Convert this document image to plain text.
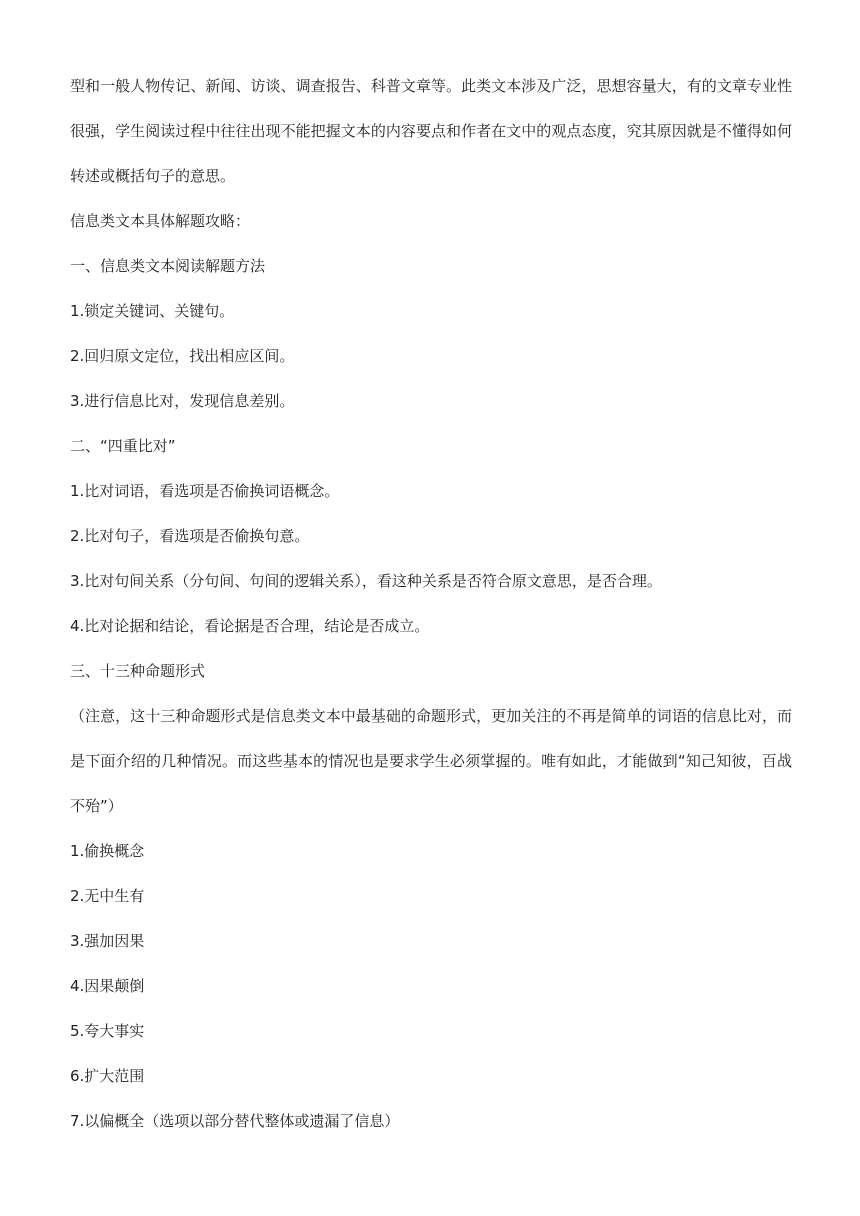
型和一般人物传记、新闻、访谈、调查报告、科普文章等。此类文本涉及广泛，思想容量大，有的文章专业性
很强，学生阅读过程中往往出现不能把握文本的内容要点和作者在文中的观点态度，究其原因就是不懂得如何
转述或概括句子的意思。
信息类文本具体解题攻略：
一、信息类文本阅读解题方法
1.锁定关键词、关键句。
2.回归原文定位，找出相应区间。
3.进行信息比对，发现信息差别。
二、“四重比对”
1.比对词语，看选项是否偷换词语概念。
2.比对句子，看选项是否偷换句意。
3.比对句间关系（分句间、句间的逻辑关系），看这种关系是否符合原文意思，是否合理。
4.比对论据和结论，看论据是否合理，结论是否成立。
三、十三种命题形式
（注意，这十三种命题形式是信息类文本中最基础的命题形式，更加关注的不再是简单的词语的信息比对，而
是下面介绍的几种情况。而这些基本的情况也是要求学生必须掌握的。唯有如此，才能做到“知己知彼，百战
不殆”）
1.偷换概念
2.无中生有
3.强加因果
4.因果颠倒
5.夸大事实
6.扩大范围
7.以偏概全（选项以部分替代整体或遗漏了信息）
